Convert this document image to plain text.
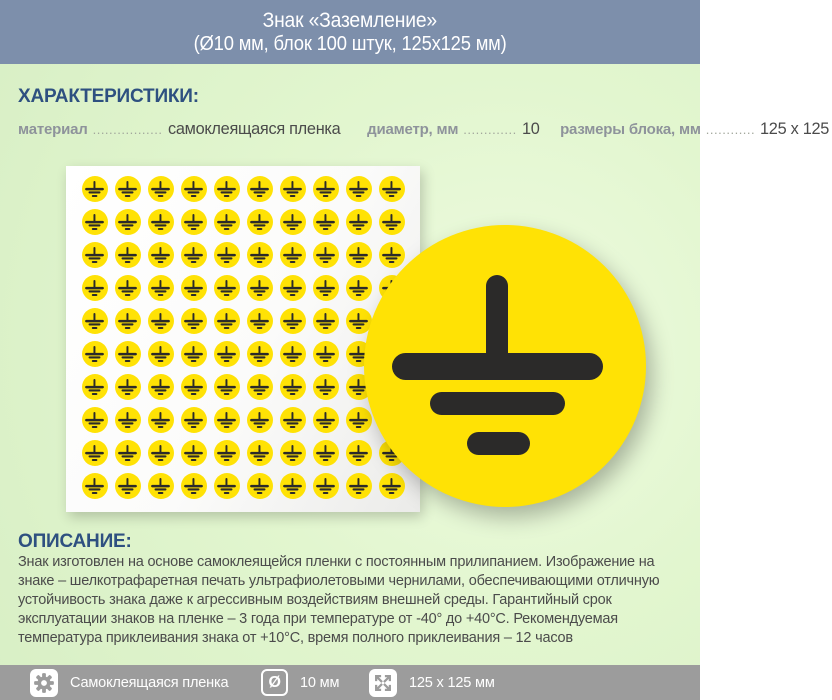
Знак «Заземление»
(Ø10 мм, блок 100 штук, 125х125 мм)
ХАРАКТЕРИСТИКИ:
материал ................. самоклеящаяся пленка диаметр, мм ............. 10 размеры блока, мм ............ 125 х 125
ОПИСАНИЕ:
Знак изготовлен на основе самоклеящейся пленки с постоянным прилипанием. Изображение на знаке – шелкотрафаретная печать ультрафиолетовыми чернилами, обеспечивающими отличную устойчивость знака даже к агрессивным воздействиям внешней среды. Гарантийный срок эксплуатации знаков на пленке – 3 года при температуре от -40° до +40°С. Рекомендуемая температура приклеивания знака от +10°С, время полного приклеивания – 12 часов
Самоклеящаяся пленка	Ø 10 мм	125 х 125 мм
